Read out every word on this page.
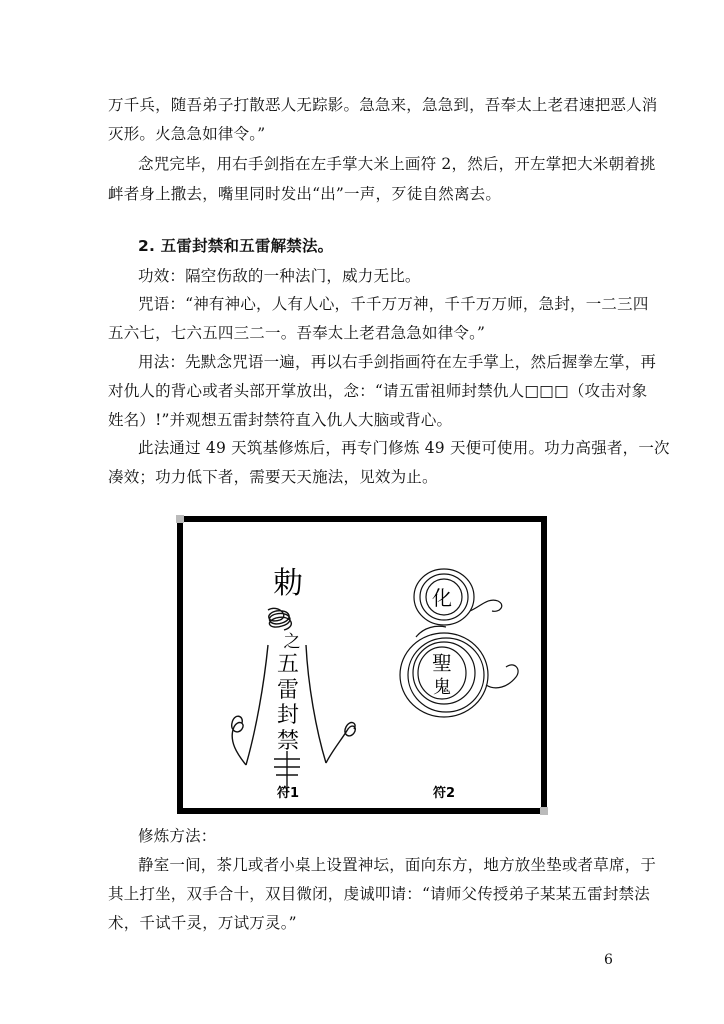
万千兵，随吾弟子打散恶人无踪影。急急来，急急到，吾奉太上老君速把恶人消
灭形。火急急如律令。”
念咒完毕，用右手剑指在左手掌大米上画符 2，然后，开左掌把大米朝着挑
衅者身上撒去，嘴里同时发出“出”一声，歹徒自然离去。
2. 五雷封禁和五雷解禁法。
功效：隔空伤敌的一种法门，威力无比。
咒语：“神有神心，人有人心，千千万万神，千千万万师，急封，一二三四
五六七，七六五四三二一。吾奉太上老君急急如律令。”
用法：先默念咒语一遍，再以右手剑指画符在左手掌上，然后握拳左掌，再
对仇人的背心或者头部开掌放出，念：“请五雷祖师封禁仇人□□□（攻击对象
姓名）!”并观想五雷封禁符直入仇人大脑或背心。
此法通过 49 天筑基修炼后，再专门修炼 49 天便可使用。功力高强者，一次
凑效；功力低下者，需要天天施法，见效为止。
勅
之
五
雷
封
禁
化
聖
鬼
符1	符2
修炼方法：
静室一间，茶几或者小桌上设置神坛，面向东方，地方放坐垫或者草席，于
其上打坐，双手合十，双目微闭，虔诚叩请：“请师父传授弟子某某五雷封禁法
术，千试千灵，万试万灵。”
6
